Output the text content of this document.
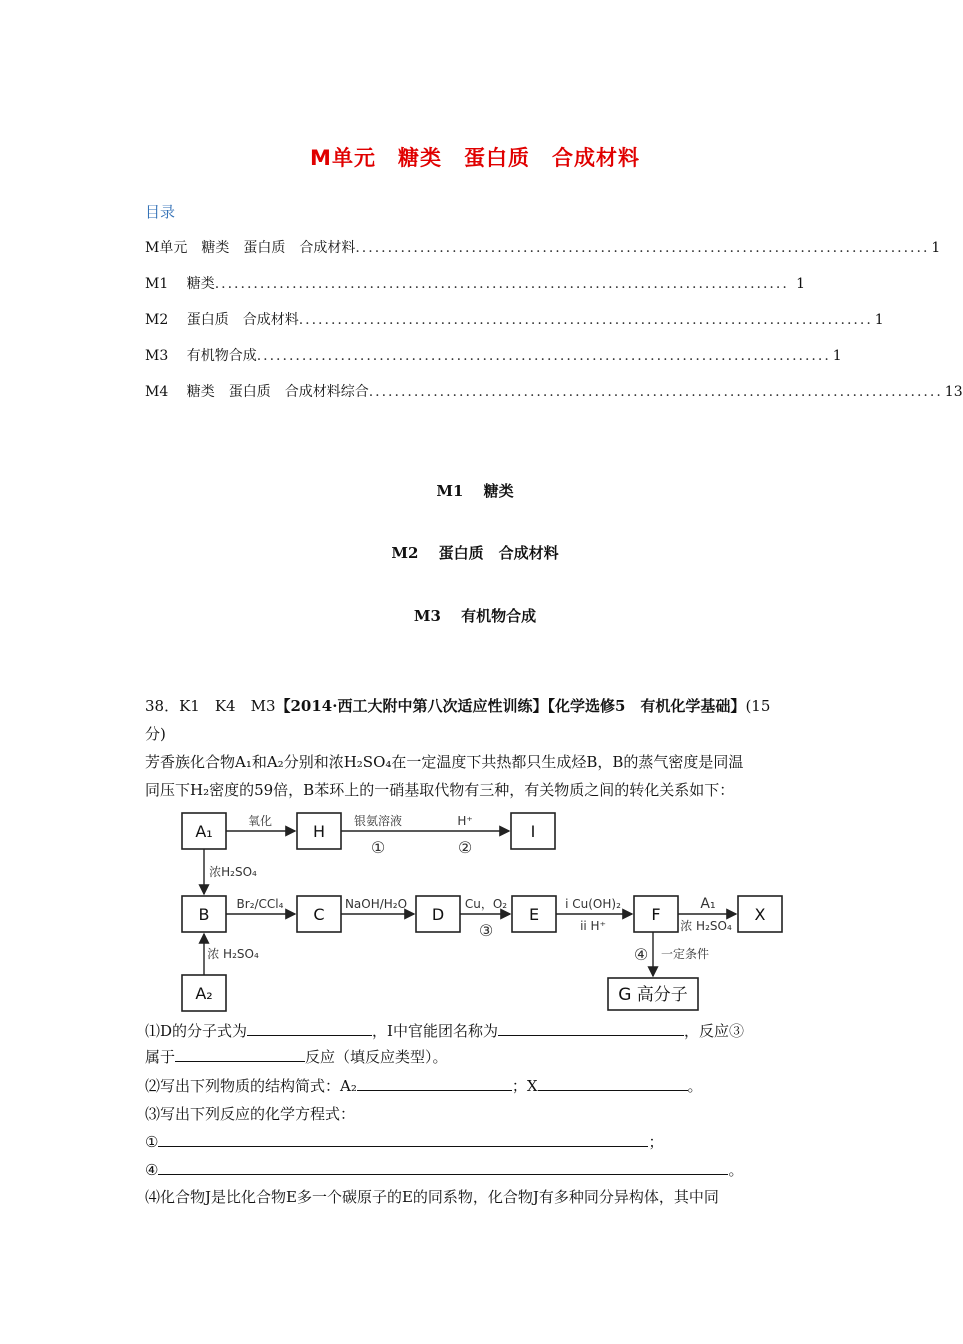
M单元　糖类　蛋白质　合成材料
目录
M单元　糖类　蛋白质　合成材料 ......................................................................................... 1
M1　 糖类 ......................................................................................... 1
M2　 蛋白质　合成材料 ......................................................................................... 1
M3　 有机物合成 ......................................................................................... 1
M4　 糖类　蛋白质　合成材料综合 ......................................................................................... 13
M1　 糖类
M2　 蛋白质　合成材料
M3　 有机物合成
38．K1　K4　M3【2014·西工大附中第八次适应性训练】【化学选修5　有机化学基础】(15
分)
芳香族化合物A₁和A₂分别和浓H₂SO₄在一定温度下共热都只生成烃B，B的蒸气密度是同温
同压下H₂密度的59倍，B苯环上的一硝基取代物有三种，有关物质之间的转化关系如下：
A₁	H	I
B	C	D	E	F	X
A₂	G 高分子
氧化	银氨溶液
①
H⁺
②
浓H₂SO₄
Br₂/CCl₄	NaOH/H₂O	Cu，O₂
③
i Cu(OH)₂
ii H⁺
A₁
浓 H₂SO₄
浓 H₂SO₄	④ 一定条件
⑴D的分子式为	，I中官能团名称为	，反应③
属于	反应（填反应类型）。
⑵写出下列物质的结构简式：A₂	；X	。
⑶写出下列反应的化学方程式：
①	；
④	。
⑷化合物J是比化合物E多一个碳原子的E的同系物，化合物J有多种同分异构体，其中同
